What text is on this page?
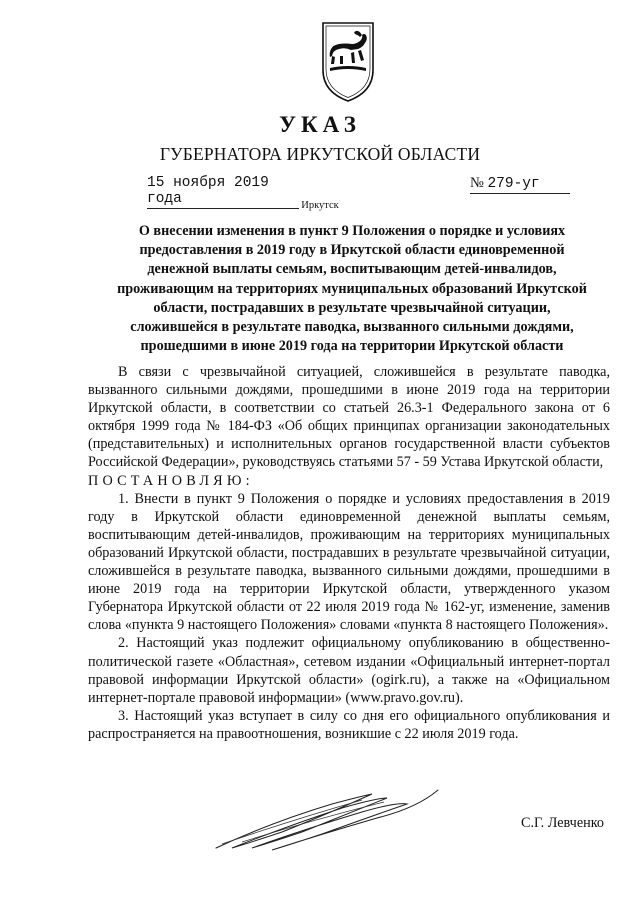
УКАЗ
ГУБЕРНАТОРА ИРКУТСКОЙ ОБЛАСТИ
15 ноября 2019 года
№ 279-уг
Иркутск
О внесении изменения в пункт 9 Положения о порядке и условиях
предоставления в 2019 году в Иркутской области единовременной
денежной выплаты семьям, воспитывающим детей-инвалидов,
проживающим на территориях муниципальных образований Иркутской
области, пострадавших в результате чрезвычайной ситуации,
сложившейся в результате паводка, вызванного сильными дождями,
прошедшими в июне 2019 года на территории Иркутской области

В связи с чрезвычайной ситуацией, сложившейся в результате паводка, вызванного сильными дождями, прошедшими в июне 2019 года на территории Иркутской области, в соответствии со статьей 26.3-1 Федерального закона от 6 октября 1999 года № 184-ФЗ «Об общих принципах организации законодательных (представительных) и исполнительных органов государственной власти субъектов Российской Федерации», руководствуясь статьями 57 - 59 Устава Иркутской области,

ПОСТАНОВЛЯЮ:

1. Внести в пункт 9 Положения о порядке и условиях предоставления в 2019 году в Иркутской области единовременной денежной выплаты семьям, воспитывающим детей-инвалидов, проживающим на территориях муниципальных образований Иркутской области, пострадавших в результате чрезвычайной ситуации, сложившейся в результате паводка, вызванного сильными дождями, прошедшими в июне 2019 года на территории Иркутской области, утвержденного указом Губернатора Иркутской области от 22 июля 2019 года № 162-уг, изменение, заменив слова «пункта 9 настоящего Положения» словами «пункта 8 настоящего Положения».

2. Настоящий указ подлежит официальному опубликованию в общественно-политической газете «Областная», сетевом издании «Официальный интернет-портал правовой информации Иркутской области» (ogirk.ru), а также на «Официальном интернет-портале правовой информации» (www.pravo.gov.ru).

3. Настоящий указ вступает в силу со дня его официального опубликования и распространяется на правоотношения, возникшие с 22 июля 2019 года.

С.Г. Левченко
